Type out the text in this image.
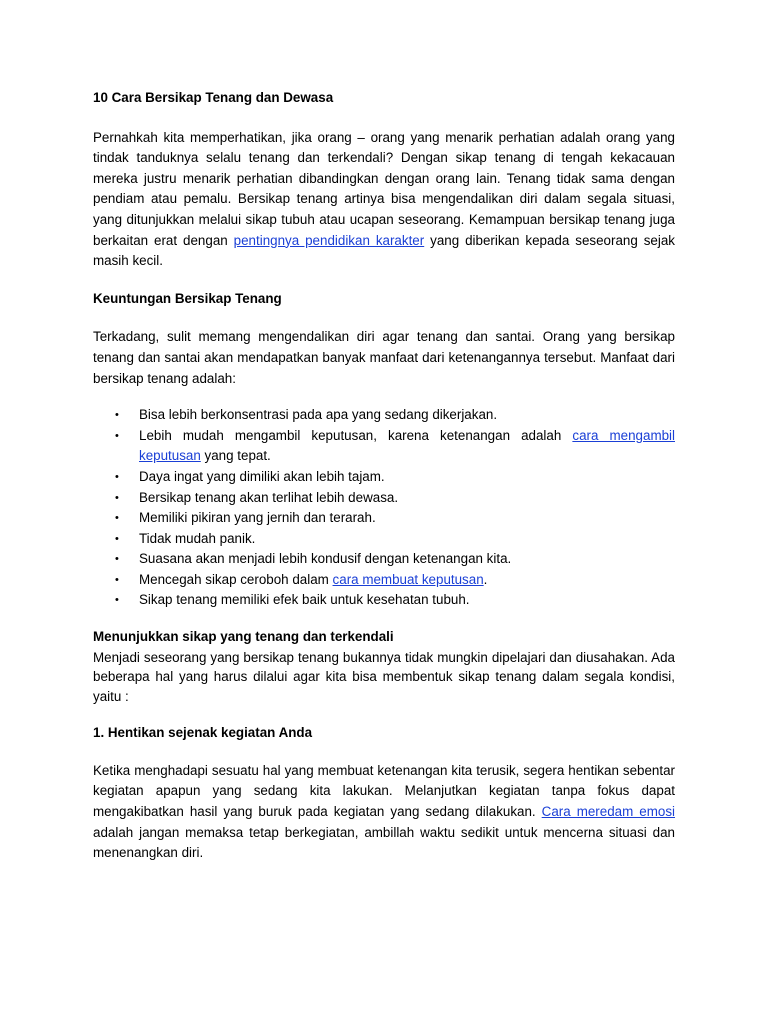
10 Cara Bersikap Tenang dan Dewasa

Pernahkah kita memperhatikan, jika orang – orang yang menarik perhatian adalah orang yang tindak tanduknya selalu tenang dan terkendali? Dengan sikap tenang di tengah kekacauan mereka justru menarik perhatian dibandingkan dengan orang lain. Tenang tidak sama dengan pendiam atau pemalu. Bersikap tenang artinya bisa mengendalikan diri dalam segala situasi, yang ditunjukkan melalui sikap tubuh atau ucapan seseorang. Kemampuan bersikap tenang juga berkaitan erat dengan pentingnya pendidikan karakter yang diberikan kepada seseorang sejak masih kecil.

Keuntungan Bersikap Tenang

Terkadang, sulit memang mengendalikan diri agar tenang dan santai. Orang yang bersikap tenang dan santai akan mendapatkan banyak manfaat dari ketenangannya tersebut. Manfaat dari bersikap tenang adalah:

• Bisa lebih berkonsentrasi pada apa yang sedang dikerjakan.
• Lebih mudah mengambil keputusan, karena ketenangan adalah cara mengambil keputusan yang tepat.
• Daya ingat yang dimiliki akan lebih tajam.
• Bersikap tenang akan terlihat lebih dewasa.
• Memiliki pikiran yang jernih dan terarah.
• Tidak mudah panik.
• Suasana akan menjadi lebih kondusif dengan ketenangan kita.
• Mencegah sikap ceroboh dalam cara membuat keputusan.
• Sikap tenang memiliki efek baik untuk kesehatan tubuh.

Menunjukkan sikap yang tenang dan terkendali

Menjadi seseorang yang bersikap tenang bukannya tidak mungkin dipelajari dan diusahakan. Ada beberapa hal yang harus dilalui agar kita bisa membentuk sikap tenang dalam segala kondisi, yaitu :

1. Hentikan sejenak kegiatan Anda

Ketika menghadapi sesuatu hal yang membuat ketenangan kita terusik, segera hentikan sebentar kegiatan apapun yang sedang kita lakukan. Melanjutkan kegiatan tanpa fokus dapat mengakibatkan hasil yang buruk pada kegiatan yang sedang dilakukan. Cara meredam emosi adalah jangan memaksa tetap berkegiatan, ambillah waktu sedikit untuk mencerna situasi dan menenangkan diri.
